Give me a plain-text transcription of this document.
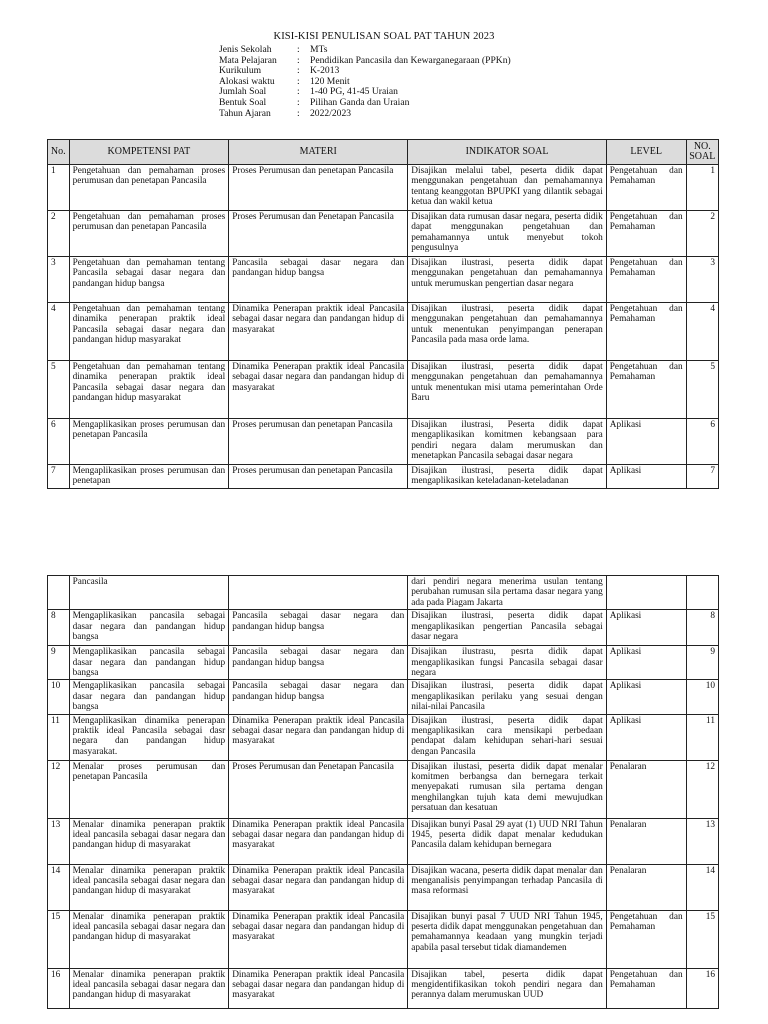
KISI-KISI PENULISAN SOAL PAT TAHUN 2023
Jenis Sekolah	:	MTs
Mata Pelajaran	:	Pendidikan Pancasila dan Kewarganegaraan (PPKn)
Kurikulum	:	K-2013
Alokasi waktu	:	120 Menit
Jumlah Soal	:	1-40 PG, 41-45 Uraian
Bentuk Soal	:	Pilihan Ganda dan Uraian
Tahun Ajaran	:	2022/2023
No.	KOMPETENSI PAT	MATERI	INDIKATOR SOAL	LEVEL	NO. SOAL
1	Pengetahuan dan pemahaman proses perumusan dan penetapan Pancasila	Proses Perumusan dan penetapan Pancasila	Disajikan melalui tabel, peserta didik dapat menggunakan pengetahuan dan pemahamannya tentang keanggotan BPUPKI yang dilantik sebagai ketua dan wakil ketua	Pengetahuan dan Pemahaman	1
2	Pengetahuan dan pemahaman proses perumusan dan penetapan Pancasila	Proses Perumusan dan Penetapan Pancasila	Disajikan data rumusan dasar negara, peserta didik dapat menggunakan pengetahuan dan pemahamannya untuk menyebut tokoh pengusulnya	Pengetahuan dan Pemahaman	2
3	Pengetahuan dan pemahaman tentang Pancasila sebagai dasar negara dan pandangan hidup bangsa	Pancasila sebagai dasar negara dan pandangan hidup bangsa	Disajikan ilustrasi, peserta didik dapat menggunakan pengetahuan dan pemahamannya untuk merumuskan pengertian dasar negara	Pengetahuan dan Pemahaman	3
4	Pengetahuan dan pemahaman tentang dinamika penerapan praktik ideal Pancasila sebagai dasar negara dan pandangan hidup masyarakat	Dinamika Penerapan praktik ideal Pancasila sebagai dasar negara dan pandangan hidup di masyarakat	Disajikan ilustrasi, peserta didik dapat menggunakan pengetahuan dan pemahamannya untuk menentukan penyimpangan penerapan Pancasila pada masa orde lama.	Pengetahuan dan Pemahaman	4
5	Pengetahuan dan pemahaman tentang dinamika penerapan praktik ideal Pancasila sebagai dasar negara dan pandangan hidup masyarakat	Dinamika Penerapan praktik ideal Pancasila sebagai dasar negara dan pandangan hidup di masyarakat	Disajikan ilustrasi, peserta didik dapat menggunakan pengetahuan dan pemahamannya untuk menentukan misi utama pemerintahan Orde Baru	Pengetahuan dan Pemahaman	5
6	Mengaplikasikan proses perumusan dan penetapan Pancasila	Proses perumusan dan penetapan Pancasila	Disajikan ilustrasi, Peserta didik dapat mengaplikasikan komitmen kebangsaan para pendiri negara dalam merumuskan dan menetapkan Pancasila sebagai dasar negara	Aplikasi	6
7	Mengaplikasikan proses perumusan dan penetapan	Proses perumusan dan penetapan Pancasila	Disajikan ilustrasi, peserta didik dapat mengaplikasikan keteladanan-keteladanan	Aplikasi	7
	Pancasila		dari pendiri negara menerima usulan tentang perubahan rumusan sila pertama dasar negara yang ada pada Piagam Jakarta		
8	Mengaplikasikan pancasila sebagai dasar negara dan pandangan hidup bangsa	Pancasila sebagai dasar negara dan pandangan hidup bangsa	Disajikan ilustrasi, peserta didik dapat mengaplikasikan pengertian Pancasila sebagai dasar negara	Aplikasi	8
9	Mengaplikasikan pancasila sebagai dasar negara dan pandangan hidup bangsa	Pancasila sebagai dasar negara dan pandangan hidup bangsa	Disajikan ilustrasu, pesrta didik dapat mengaplikasikan fungsi Pancasila sebagai dasar negara	Aplikasi	9
10	Mengaplikasikan pancasila sebagai dasar negara dan pandangan hidup bangsa	Pancasila sebagai dasar negara dan pandangan hidup bangsa	Disajikan ilustrasi, peserta didik dapat mengaplikasikan perilaku yang sesuai dengan nilai-nilai Pancasila	Aplikasi	10
11	Mengaplikasikan dinamika penerapan praktik ideal Pancasila sebagai dasr negara dan pandangan hidup masyarakat.	Dinamika Penerapan praktik ideal Pancasila sebagai dasar negara dan pandangan hidup di masyarakat	Disajikan ilustrasi, peserta didik dapat mengaplikasikan cara mensikapi perbedaan pendapat dalam kehidupan sehari-hari sesuai dengan Pancasila	Aplikasi	11
12	Menalar proses perumusan dan penetapan Pancasila	Proses Perumusan dan Penetapan Pancasila	Disajikan ilustasi, peserta didik dapat menalar komitmen berbangsa dan bernegara terkait menyepakati rumusan sila pertama dengan menghilangkan tujuh kata demi mewujudkan persatuan dan kesatuan	Penalaran	12
13	Menalar dinamika penerapan praktik ideal pancasila sebagai dasar negara dan pandangan hidup di masyarakat	Dinamika Penerapan praktik ideal Pancasila sebagai dasar negara dan pandangan hidup di masyarakat	Disajikan bunyi Pasal 29 ayat (1) UUD NRI Tahun 1945, peserta didik dapat menalar kedudukan Pancasila dalam kehidupan bernegara	Penalaran	13
14	Menalar dinamika penerapan praktik ideal pancasila sebagai dasar negara dan pandangan hidup di masyarakat	Dinamika Penerapan praktik ideal Pancasila sebagai dasar negara dan pandangan hidup di masyarakat	Disajikan wacana, peserta didik dapat menalar dan menganalisis penyimpangan terhadap Pancasila di masa reformasi	Penalaran	14
15	Menalar dinamika penerapan praktik ideal pancasila sebagai dasar negara dan pandangan hidup di masyarakat	Dinamika Penerapan praktik ideal Pancasila sebagai dasar negara dan pandangan hidup di masyarakat	Disajikan bunyi pasal 7 UUD NRI Tahun 1945, peserta didik dapat menggunakan pengetahuan dan pemahamannya keadaan yang mungkin terjadi apabila pasal tersebut tidak diamandemen	Pengetahuan dan Pemahaman	15
16	Menalar dinamika penerapan praktik ideal pancasila sebagai dasar negara dan pandangan hidup di masyarakat	Dinamika Penerapan praktik ideal Pancasila sebagai dasar negara dan pandangan hidup di masyarakat	Disajikan tabel, peserta didik dapat mengidentifikasikan tokoh pendiri negara dan perannya dalam merumuskan UUD	Pengetahuan dan Pemahaman	16
